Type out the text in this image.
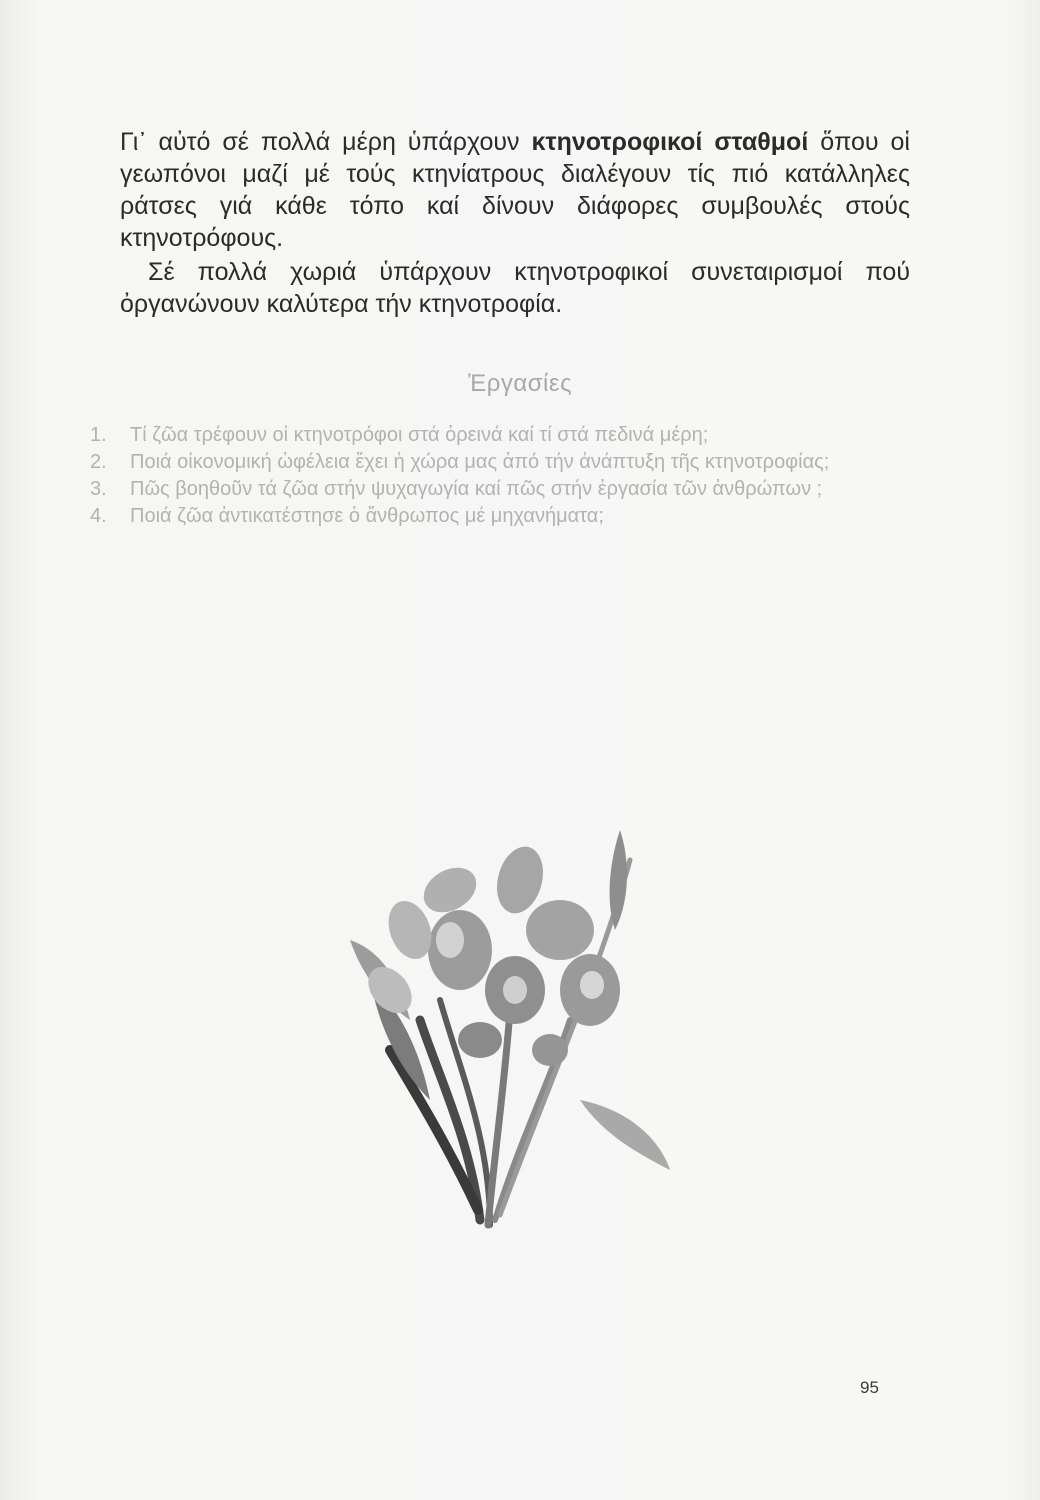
Γι᾽ αὐτό σέ πολλά μέρη ὑπάρχουν κτηνοτροφικοί σταθμοί ὅπου οἱ γεωπόνοι μαζί μέ τούς κτηνίατρους διαλέγουν τίς πιό κατάλληλες ράτσες γιά κάθε τόπο καί δίνουν διάφορες συμβουλές στούς κτηνοτρόφους.

Σέ πολλά χωριά ὑπάρχουν κτηνοτροφικοί συνεταιρισμοί πού ὀργανώνουν καλύτερα τήν κτηνοτροφία.

Ἐργασίες
1.	Τί ζῶα τρέφουν οἱ κτηνοτρόφοι στά ὀρεινά καί τί στά πεδινά μέρη;
2.	Ποιά οἰκονομική ὠφέλεια ἔχει ἡ χώρα μας ἀπό τήν ἀνάπτυξη τῆς κτηνοτροφίας;
3.	Πῶς βοηθοῦν τά ζῶα στήν ψυχαγωγία καί πῶς στήν ἐργασία τῶν ἀνθρώπων ;
4.	Ποιά ζῶα ἀντικατέστησε ὁ ἄνθρωπος μέ μηχανήματα;
95
